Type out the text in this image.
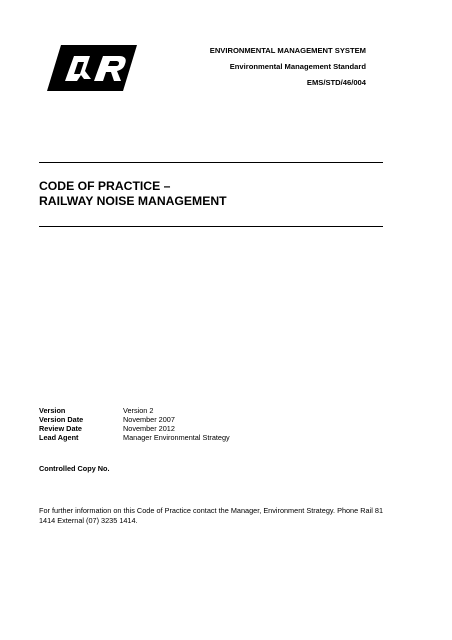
ENVIRONMENTAL MANAGEMENT SYSTEM
Environmental Management Standard
EMS/STD/46/004
CODE OF PRACTICE –
RAILWAY NOISE MANAGEMENT
Version	Version 2
Version Date	November 2007
Review Date	November 2012
Lead Agent	Manager Environmental Strategy
Controlled Copy No.
For further information on this Code of Practice contact the Manager, Environment Strategy. Phone Rail 81 1414 External (07) 3235 1414.
